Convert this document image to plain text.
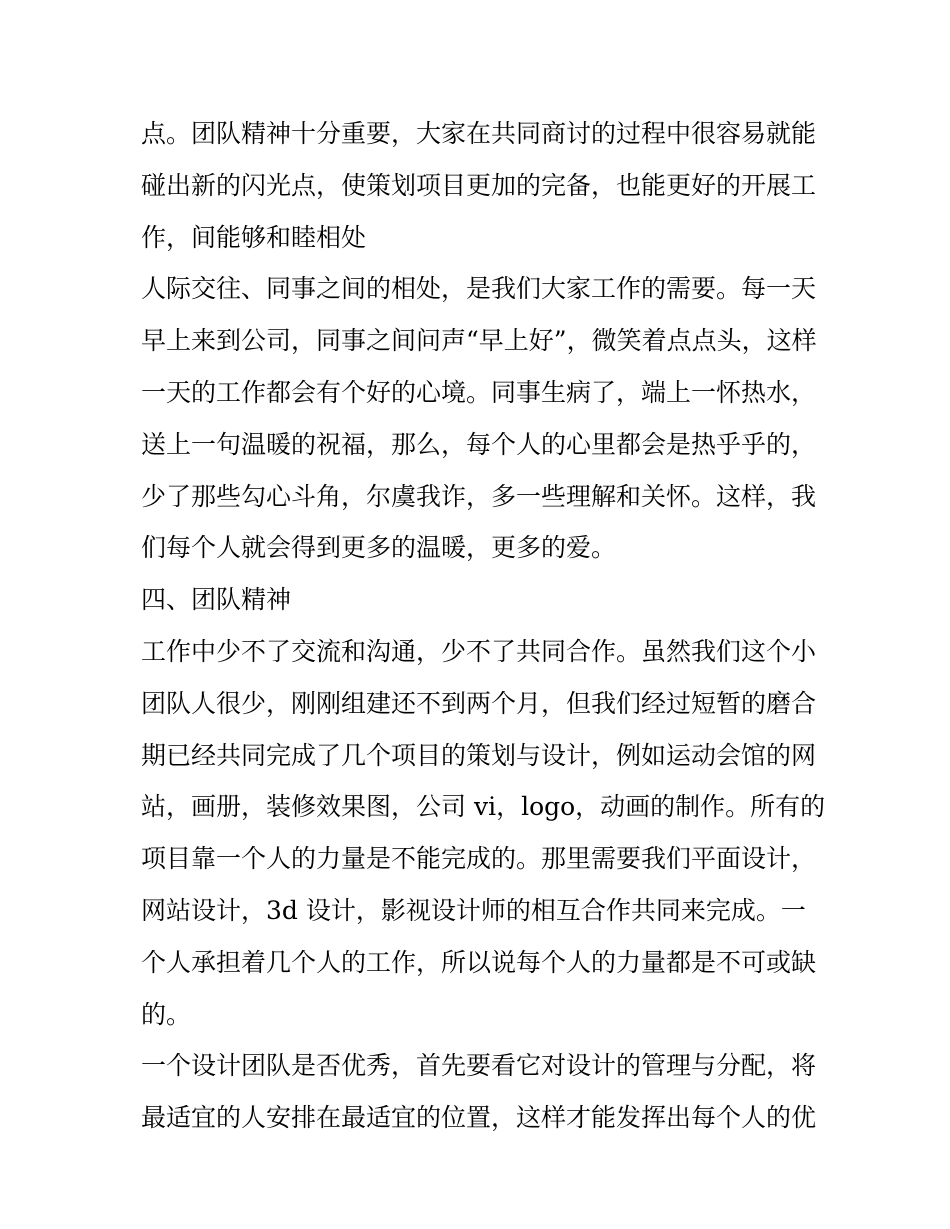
点。团队精神十分重要，大家在共同商讨的过程中很容易就能
碰出新的闪光点，使策划项目更加的完备，也能更好的开展工
作，间能够和睦相处

人际交往、同事之间的相处，是我们大家工作的需要。每一天
早上来到公司，同事之间问声“早上好”，微笑着点点头，这样
一天的工作都会有个好的心境。同事生病了，端上一怀热水，
送上一句温暖的祝福，那么，每个人的心里都会是热乎乎的，
少了那些勾心斗角，尔虞我诈，多一些理解和关怀。这样，我
们每个人就会得到更多的温暖，更多的爱。

四、团队精神

工作中少不了交流和沟通，少不了共同合作。虽然我们这个小
团队人很少，刚刚组建还不到两个月，但我们经过短暂的磨合
期已经共同完成了几个项目的策划与设计，例如运动会馆的网
站，画册，装修效果图，公司 vi，logo，动画的制作。所有的
项目靠一个人的力量是不能完成的。那里需要我们平面设计，
网站设计，3d 设计，影视设计师的相互合作共同来完成。一
个人承担着几个人的工作，所以说每个人的力量都是不可或缺
的。

一个设计团队是否优秀，首先要看它对设计的管理与分配，将
最适宜的人安排在最适宜的位置，这样才能发挥出每个人的优
